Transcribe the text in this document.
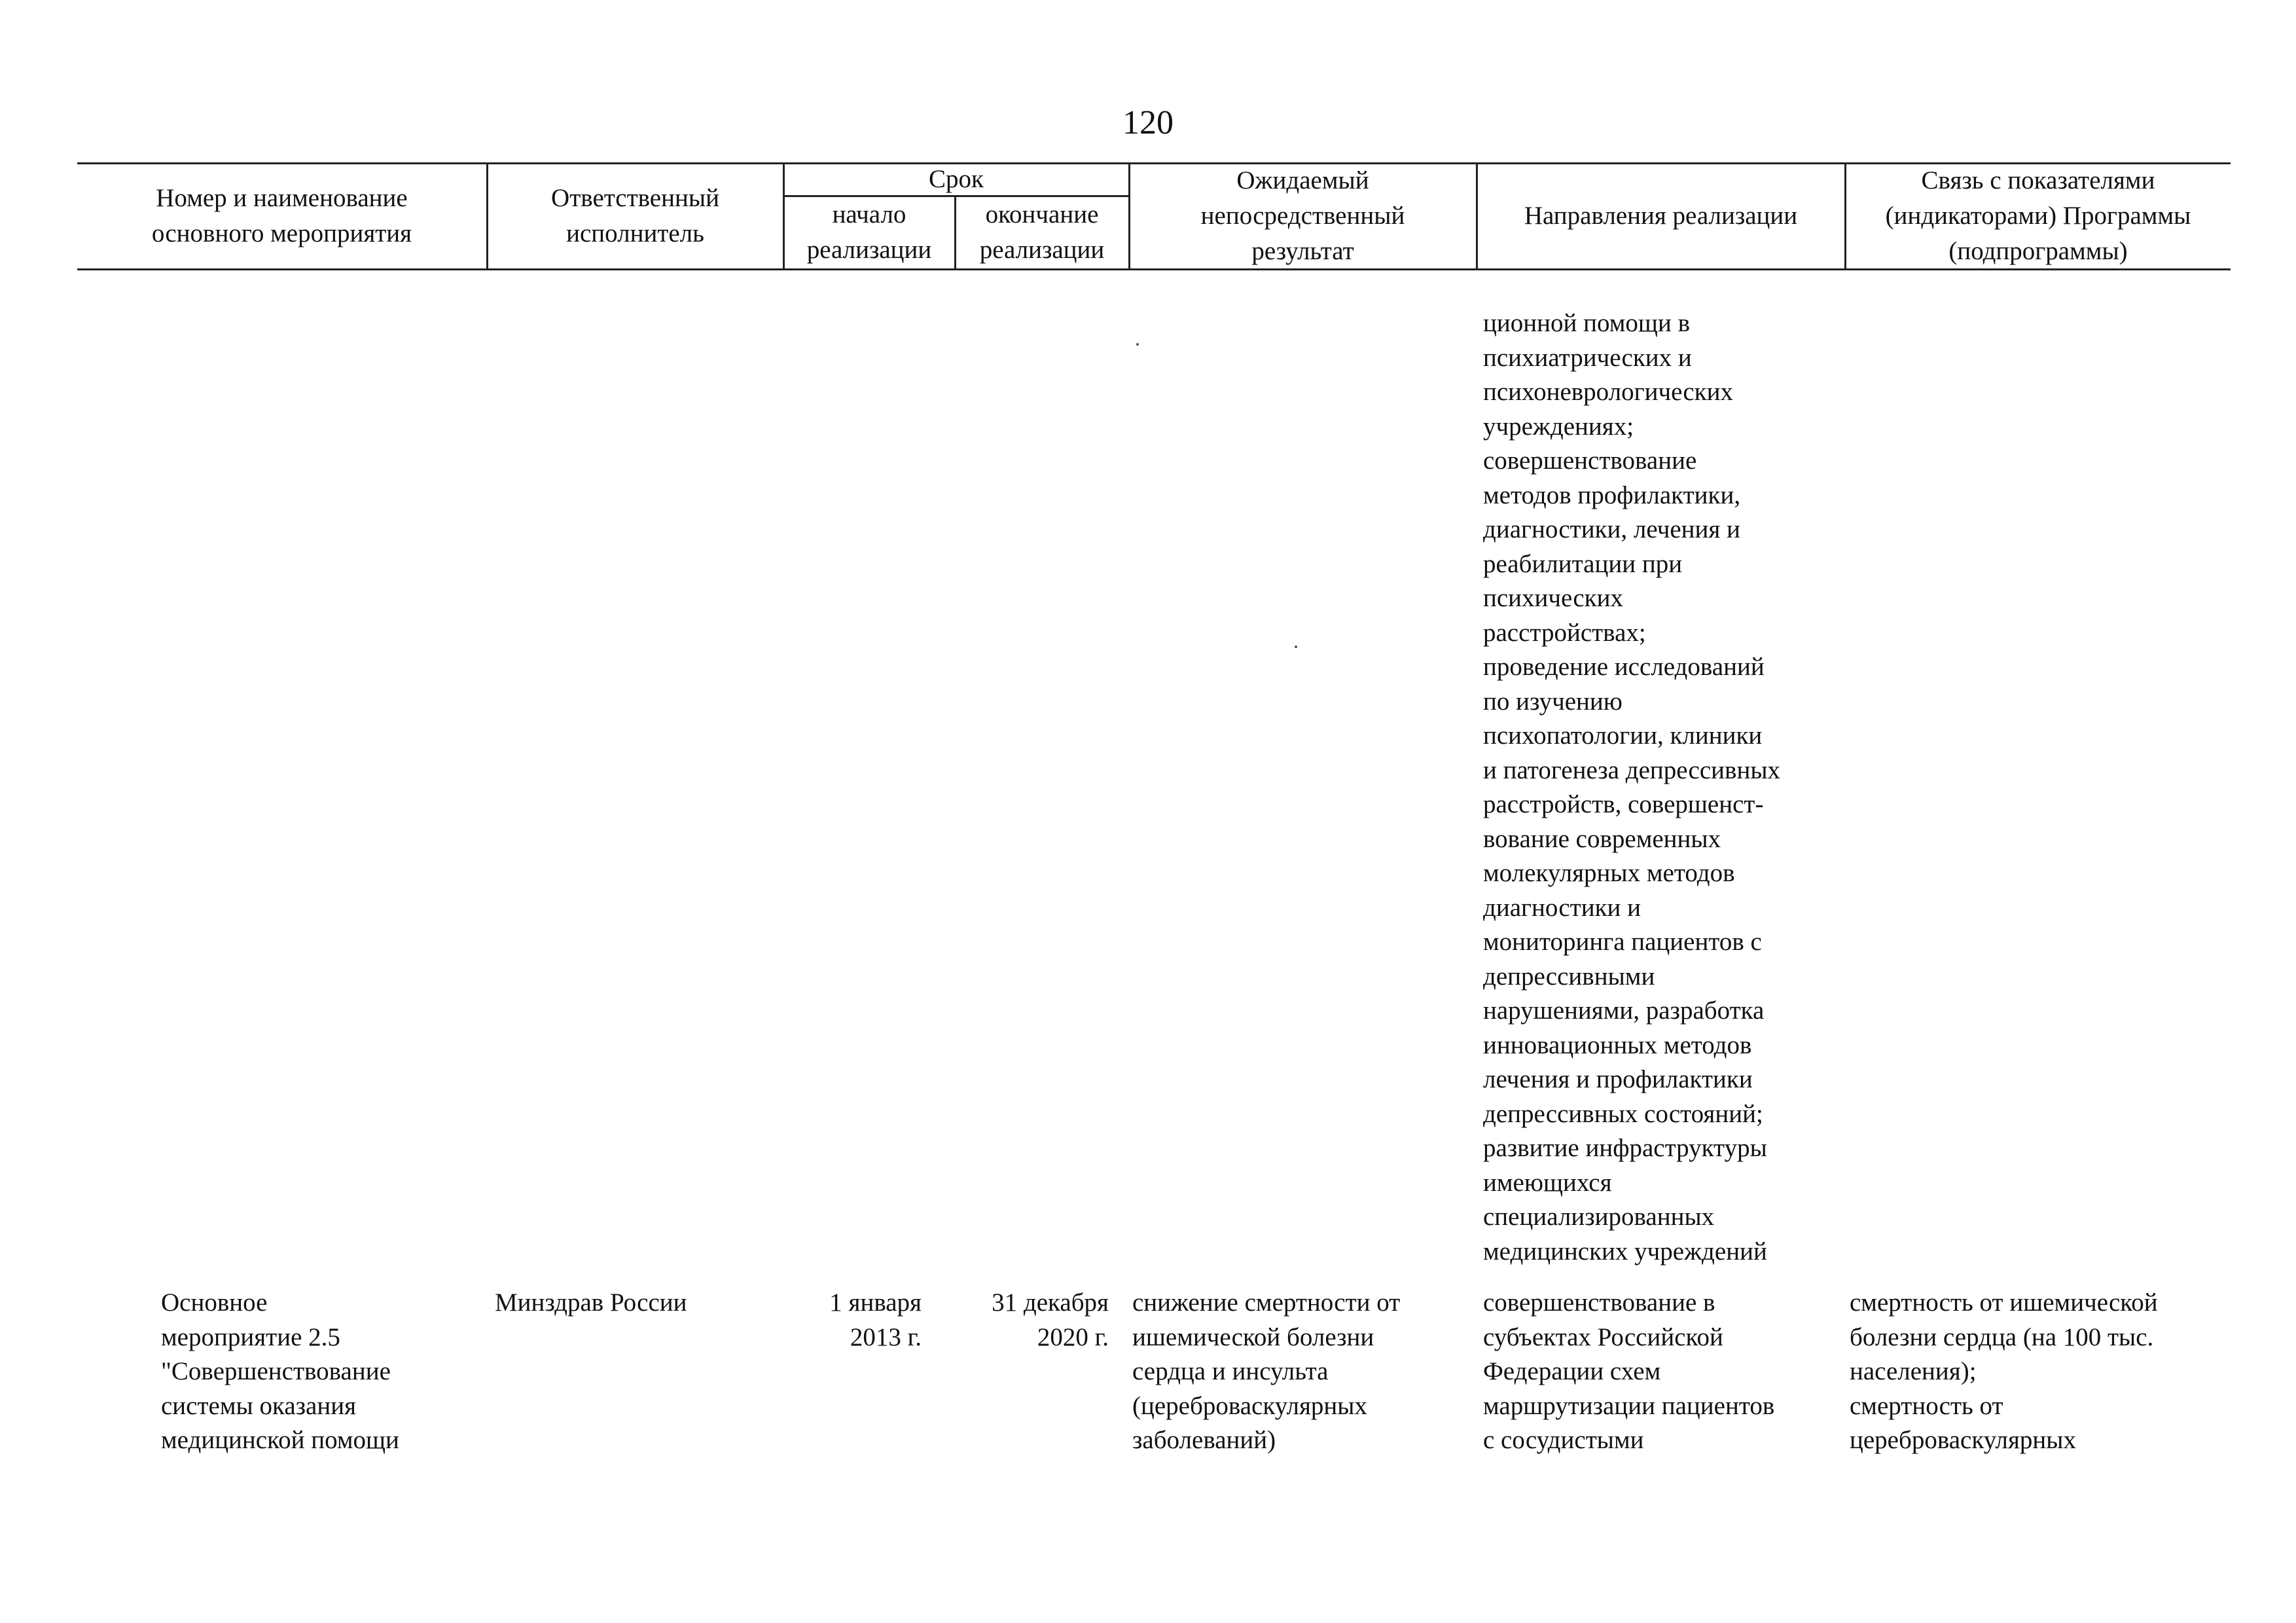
120
Номер и наименование
основного мероприятия
Ответственный
исполнитель
Срок
начало
реализации
окончание
реализации
Ожидаемый
непосредственный
результат
Направления реализации
Связь с показателями
(индикаторами) Программы
(подпрограммы)
ционной помощи в
психиатрических и
психоневрологических
учреждениях;
совершенствование
методов профилактики,
диагностики, лечения и
реабилитации при
психических
расстройствах;
проведение исследований
по изучению
психопатологии, клиники
и патогенеза депрессивных
расстройств, совершенст-
вование современных
молекулярных методов
диагностики и
мониторинга пациентов с
депрессивными
нарушениями, разработка
инновационных методов
лечения и профилактики
депрессивных состояний;
развитие инфраструктуры
имеющихся
специализированных
медицинских учреждений
Основное
мероприятие 2.5
"Совершенствование
системы оказания
медицинской помощи
Минздрав России	1 января
2013 г.
31 декабря
2020 г.
снижение смертности от
ишемической болезни
сердца и инсульта
(цереброваскулярных
заболеваний)
совершенствование в
субъектах Российской
Федерации схем
маршрутизации пациентов
с сосудистыми
смертность от ишемической
болезни сердца (на 100 тыс.
населения);
смертность от
цереброваскулярных
